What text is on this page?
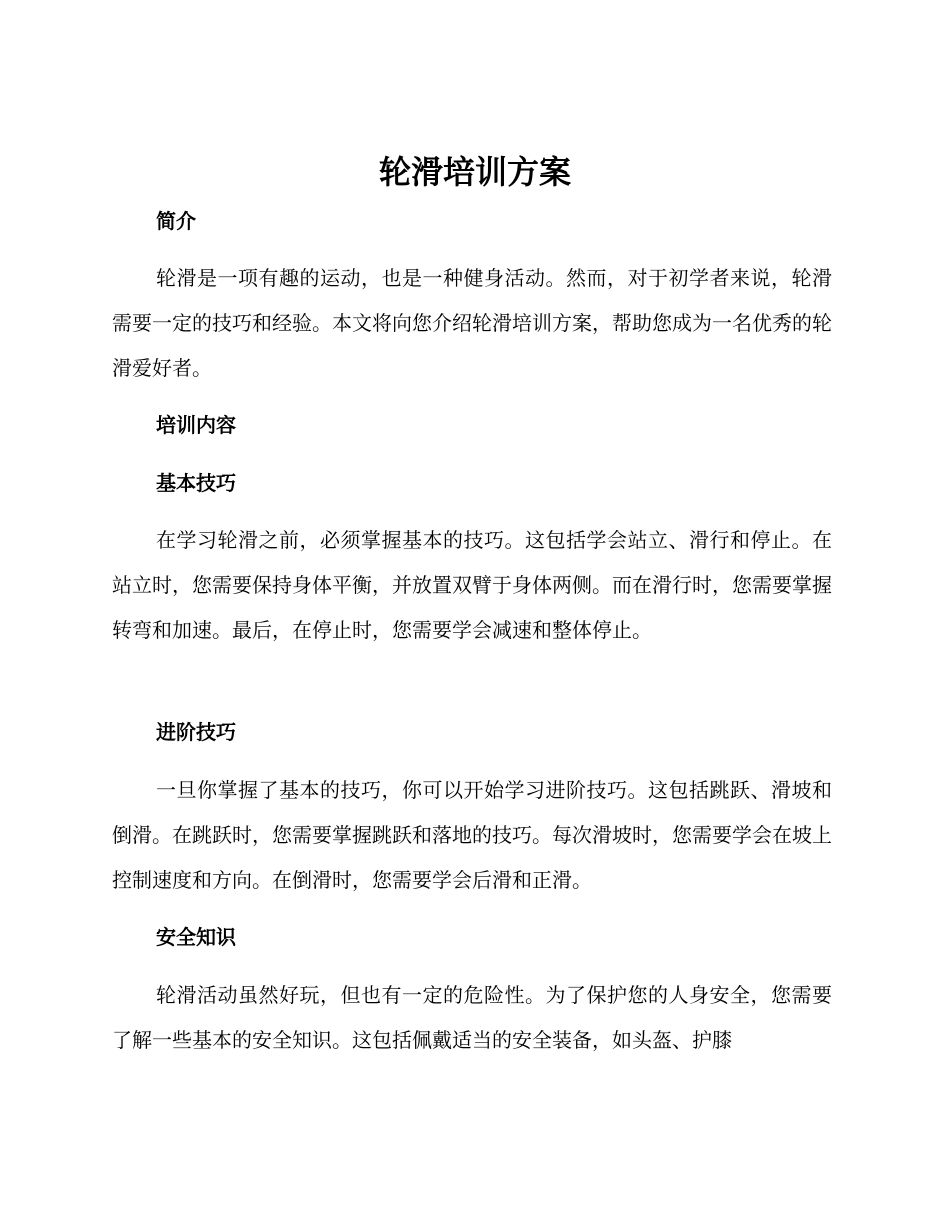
轮滑培训方案
简介

轮滑是一项有趣的运动，也是一种健身活动。然而，对于初学者来说，轮滑需要一定的技巧和经验。本文将向您介绍轮滑培训方案，帮助您成为一名优秀的轮滑爱好者。

培训内容
基本技巧

在学习轮滑之前，必须掌握基本的技巧。这包括学会站立、滑行和停止。在站立时，您需要保持身体平衡，并放置双臂于身体两侧。而在滑行时，您需要掌握转弯和加速。最后，在停止时，您需要学会减速和整体停止。

进阶技巧

一旦你掌握了基本的技巧，你可以开始学习进阶技巧。这包括跳跃、滑坡和倒滑。在跳跃时，您需要掌握跳跃和落地的技巧。每次滑坡时，您需要学会在坡上控制速度和方向。在倒滑时，您需要学会后滑和正滑。

安全知识

轮滑活动虽然好玩，但也有一定的危险性。为了保护您的人身安全，您需要了解一些基本的安全知识。这包括佩戴适当的安全装备，如头盔、护膝
